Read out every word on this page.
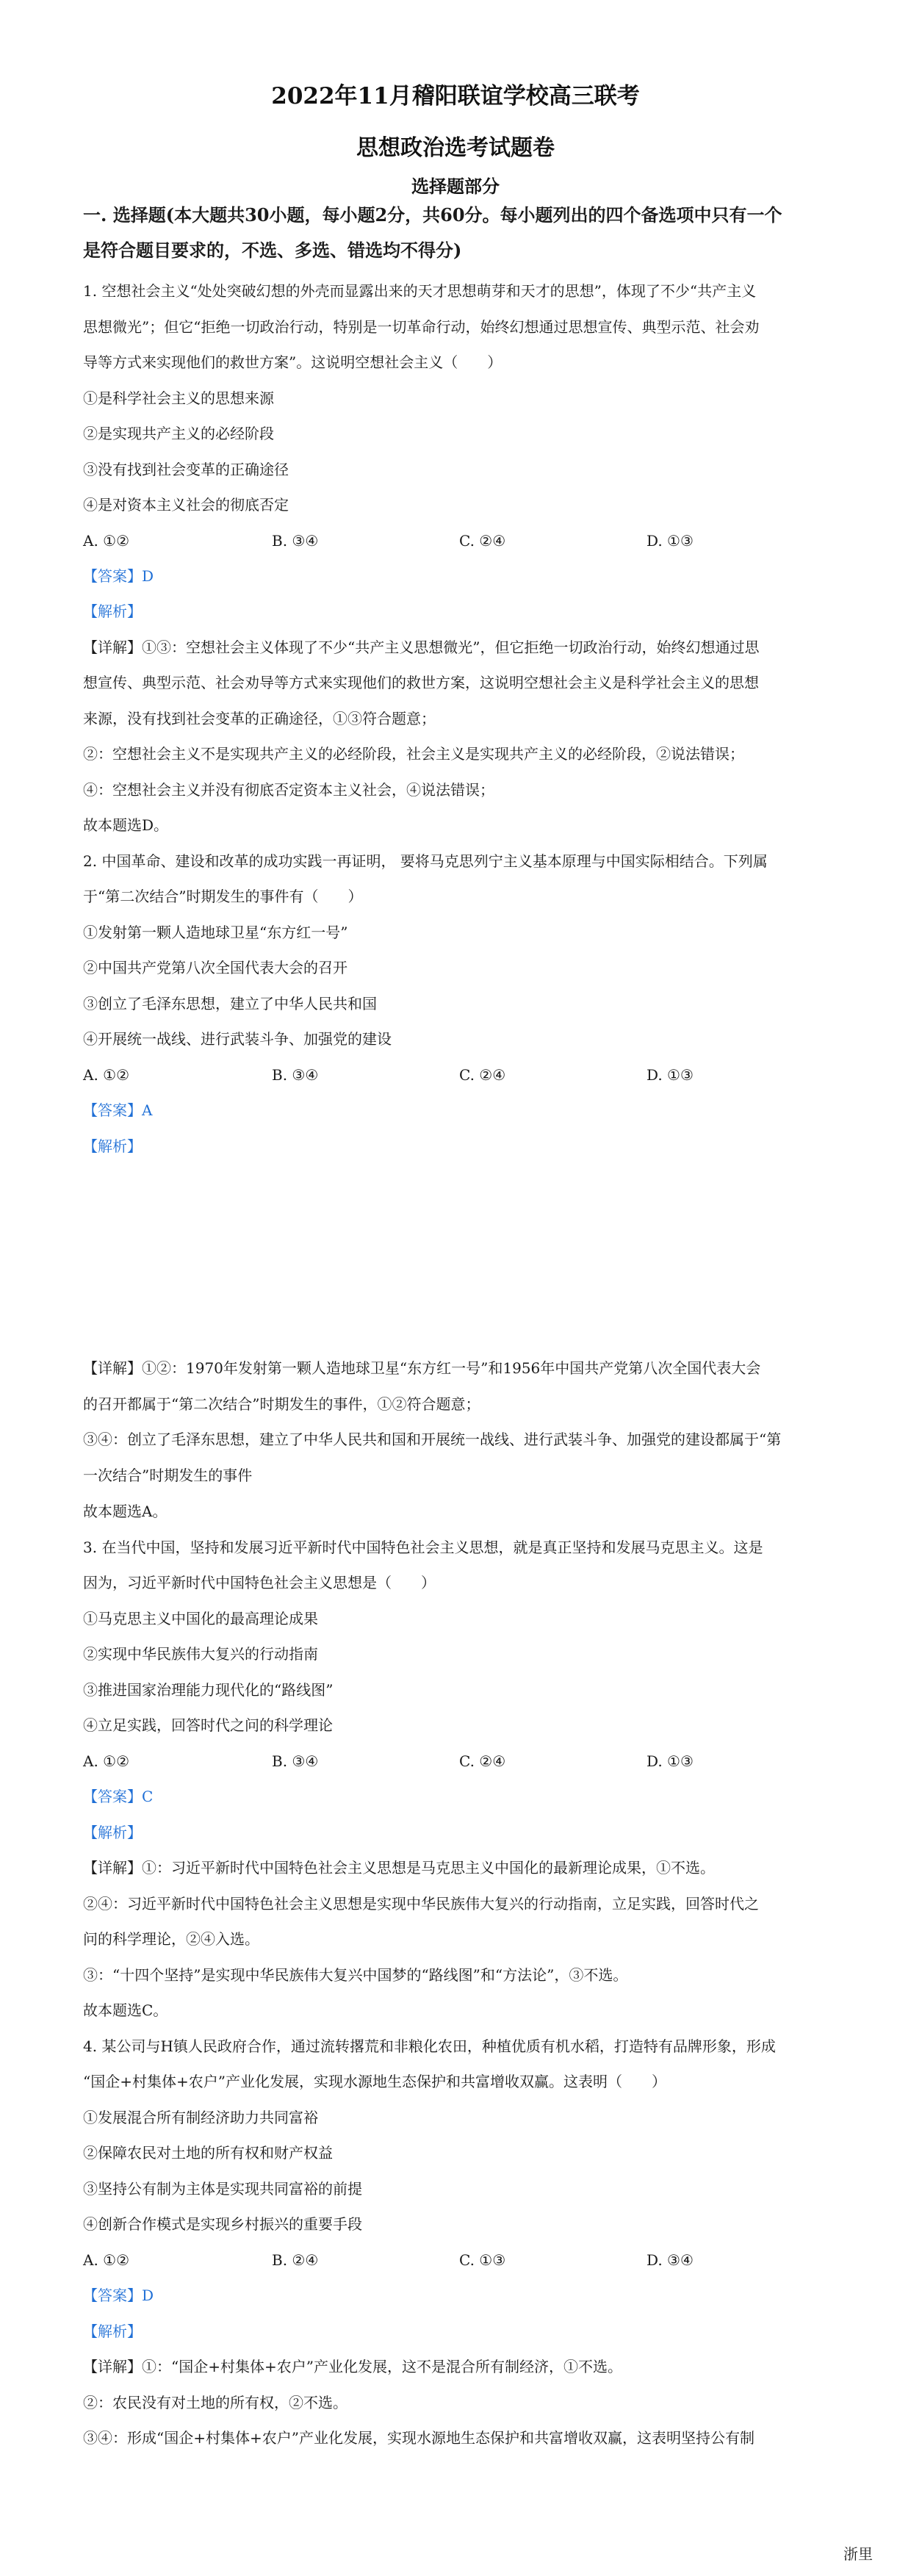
2022年11月稽阳联谊学校高三联考
思想政治选考试题卷
选择题部分
一. 选择题(本大题共30小题，每小题2分，共60分。每小题列出的四个备选项中只有一个
是符合题目要求的，不选、多选、错选均不得分)
1. 空想社会主义“处处突破幻想的外壳而显露出来的天才思想萌芽和天才的思想”，体现了不少“共产主义
思想微光”；但它“拒绝一切政治行动，特别是一切革命行动，始终幻想通过思想宣传、典型示范、社会劝
导等方式来实现他们的救世方案”。这说明空想社会主义（　　）
①是科学社会主义的思想来源
②是实现共产主义的必经阶段
③没有找到社会变革的正确途径
④是对资本主义社会的彻底否定
A. ①②	B. ③④	C. ②④	D. ①③
【答案】D
【解析】
【详解】①③：空想社会主义体现了不少“共产主义思想微光”，但它拒绝一切政治行动，始终幻想通过思
想宣传、典型示范、社会劝导等方式来实现他们的救世方案，这说明空想社会主义是科学社会主义的思想
来源，没有找到社会变革的正确途径，①③符合题意；
②：空想社会主义不是实现共产主义的必经阶段，社会主义是实现共产主义的必经阶段，②说法错误；
④：空想社会主义并没有彻底否定资本主义社会，④说法错误；
故本题选D。
2. 中国革命、建设和改革的成功实践一再证明， 要将马克思列宁主义基本原理与中国实际相结合。下列属
于“第二次结合”时期发生的事件有（　　）
①发射第一颗人造地球卫星“东方红一号”
②中国共产党第八次全国代表大会的召开
③创立了毛泽东思想，建立了中华人民共和国
④开展统一战线、进行武装斗争、加强党的建设
A. ①②	B. ③④	C. ②④	D. ①③
【答案】A
【解析】
【详解】①②：1970年发射第一颗人造地球卫星“东方红一号”和1956年中国共产党第八次全国代表大会
的召开都属于“第二次结合”时期发生的事件，①②符合题意；
③④：创立了毛泽东思想，建立了中华人民共和国和开展统一战线、进行武装斗争、加强党的建设都属于“第
一次结合”时期发生的事件
故本题选A。
3. 在当代中国，坚持和发展习近平新时代中国特色社会主义思想，就是真正坚持和发展马克思主义。这是
因为，习近平新时代中国特色社会主义思想是（　　）
①马克思主义中国化的最高理论成果
②实现中华民族伟大复兴的行动指南
③推进国家治理能力现代化的“路线图”
④立足实践，回答时代之问的科学理论
A. ①②	B. ③④	C. ②④	D. ①③
【答案】C
【解析】
【详解】①：习近平新时代中国特色社会主义思想是马克思主义中国化的最新理论成果，①不选。
②④：习近平新时代中国特色社会主义思想是实现中华民族伟大复兴的行动指南，立足实践，回答时代之
问的科学理论，②④入选。
③：“十四个坚持”是实现中华民族伟大复兴中国梦的“路线图”和“方法论”，③不选。
故本题选C。
4. 某公司与H镇人民政府合作，通过流转撂荒和非粮化农田，种植优质有机水稻，打造特有品牌形象，形成
“国企+村集体+农户”产业化发展，实现水源地生态保护和共富增收双赢。这表明（　　）
①发展混合所有制经济助力共同富裕
②保障农民对土地的所有权和财产权益
③坚持公有制为主体是实现共同富裕的前提
④创新合作模式是实现乡村振兴的重要手段
A. ①②	B. ②④	C. ①③	D. ③④
【答案】D
【解析】
【详解】①：“国企+村集体+农户”产业化发展，这不是混合所有制经济，①不选。
②：农民没有对土地的所有权，②不选。
③④：形成“国企+村集体+农户”产业化发展，实现水源地生态保护和共富增收双赢，这表明坚持公有制
浙里
